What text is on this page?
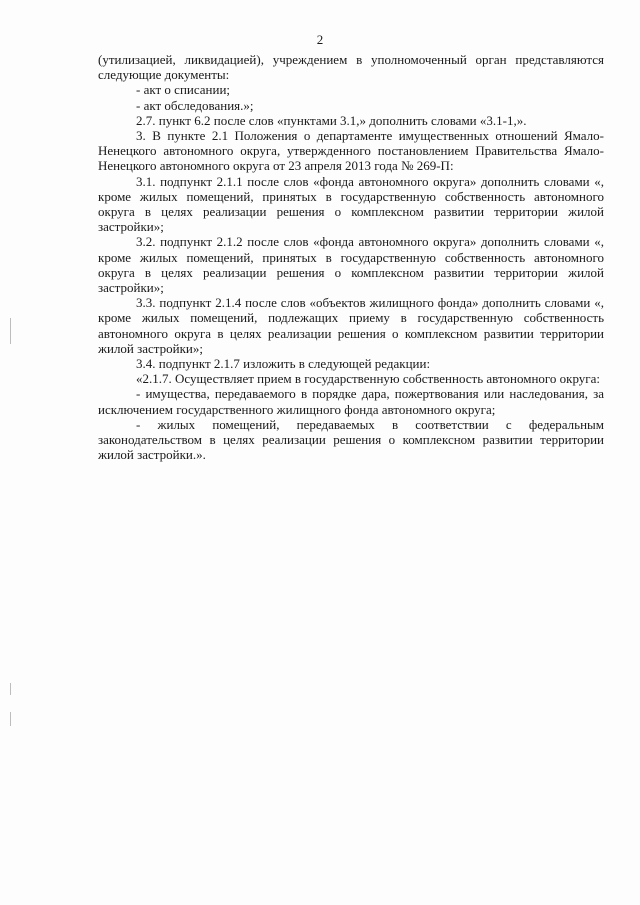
2

(утилизацией, ликвидацией), учреждением в уполномоченный орган представляются следующие документы:

- акт о списании;

- акт обследования.»;

2.7. пункт 6.2 после слов «пунктами 3.1,» дополнить словами «3.1-1,».

3. В пункте 2.1 Положения о департаменте имущественных отношений Ямало-Ненецкого автономного округа, утвержденного постановлением Правительства Ямало-Ненецкого автономного округа от 23 апреля 2013 года № 269-П:

3.1. подпункт 2.1.1 после слов «фонда автономного округа» дополнить словами «, кроме жилых помещений, принятых в государственную собственность автономного округа в целях реализации решения о комплексном развитии территории жилой застройки»;

3.2. подпункт 2.1.2 после слов «фонда автономного округа» дополнить словами «, кроме жилых помещений, принятых в государственную собственность автономного округа в целях реализации решения о комплексном развитии территории жилой застройки»;

3.3. подпункт 2.1.4 после слов «объектов жилищного фонда» дополнить словами «, кроме жилых помещений, подлежащих приему в государственную собственность автономного округа в целях реализации решения о комплексном развитии территории жилой застройки»;

3.4. подпункт 2.1.7 изложить в следующей редакции:

«2.1.7. Осуществляет прием в государственную собственность автономного округа:

- имущества, передаваемого в порядке дара, пожертвования или наследования, за исключением государственного жилищного фонда автономного округа;

- жилых помещений, передаваемых в соответствии с федеральным законодательством в целях реализации решения о комплексном развитии территории жилой застройки.».
